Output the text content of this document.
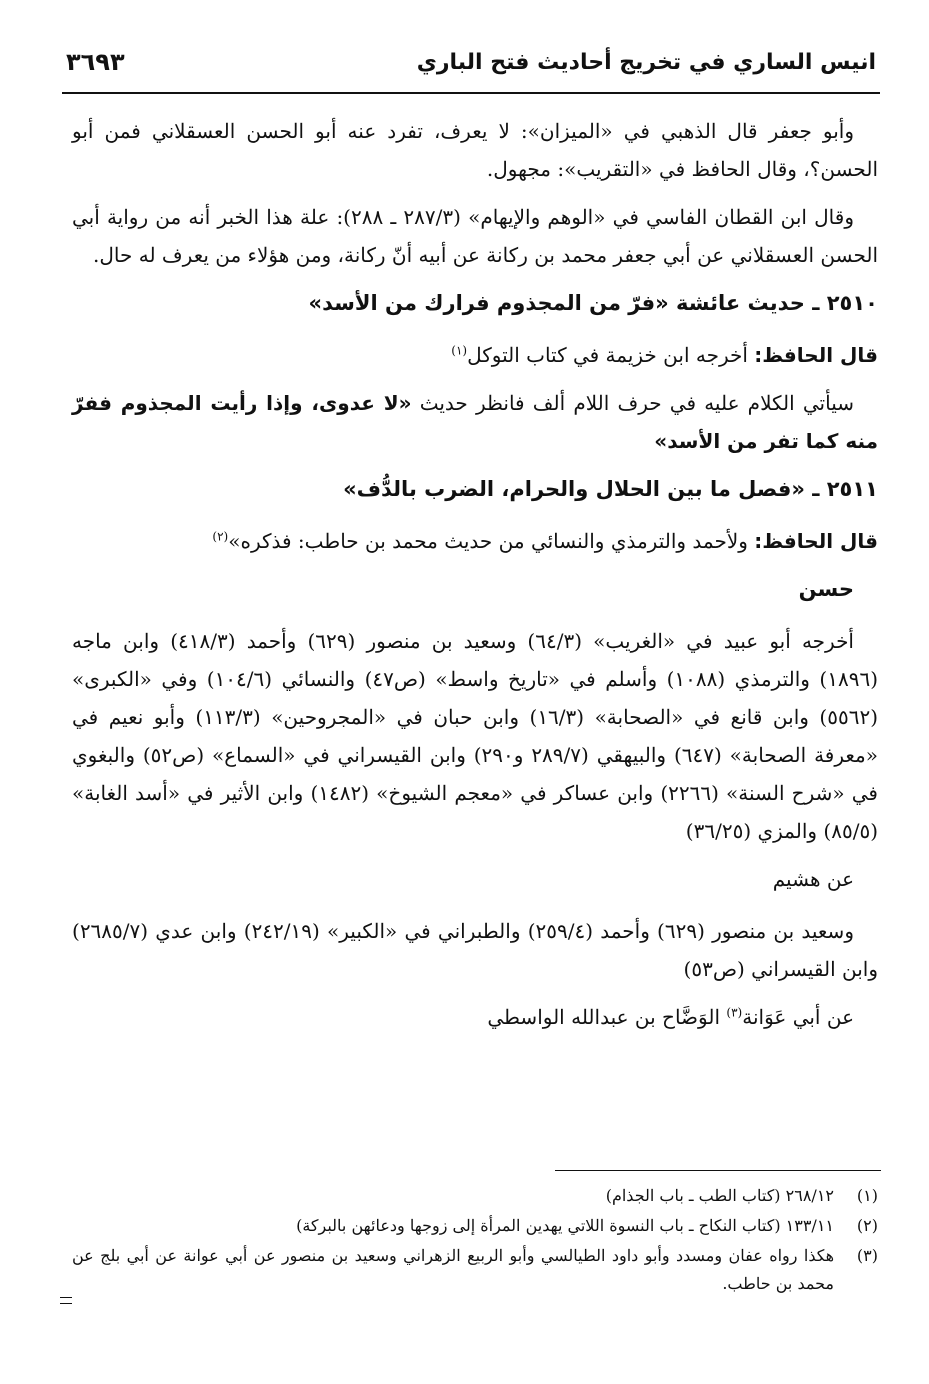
انيس الساري في تخريج أحاديث فتح الباري
٣٦٩٣

وأبو جعفر قال الذهبي في «الميزان»: لا يعرف، تفرد عنه أبو الحسن العسقلاني فمن أبو الحسن؟، وقال الحافظ في «التقريب»: مجهول.

وقال ابن القطان الفاسي في «الوهم والإيهام» (٢٨٧/٣ ـ ٢٨٨): علة هذا الخبر أنه من رواية أبي الحسن العسقلاني عن أبي جعفر محمد بن ركانة عن أبيه أنّ ركانة، ومن هؤلاء من يعرف له حال.

٢٥١٠ ـ حديث عائشة «فرّ من المجذوم فرارك من الأسد»

قال الحافظ: أخرجه ابن خزيمة في كتاب التوكل$^{(١)}$

سيأتي الكلام عليه في حرف اللام ألف فانظر حديث «لا عدوى، وإذا رأيت المجذوم ففرّ منه كما تفر من الأسد»

٢٥١١ ـ «فصل ما بين الحلال والحرام، الضرب بالدُّف»

قال الحافظ: ولأحمد والترمذي والنسائي من حديث محمد بن حاطب: فذكره»$^{(٢)}$

حسن

أخرجه أبو عبيد في «الغريب» (٦٤/٣) وسعيد بن منصور (٦٢٩) وأحمد (٤١٨/٣) وابن ماجه (١٨٩٦) والترمذي (١٠٨٨) وأسلم في «تاريخ واسط» (ص٤٧) والنسائي (١٠٤/٦) وفي «الكبرى» (٥٥٦٢) وابن قانع في «الصحابة» (١٦/٣) وابن حبان في «المجروحين» (١١٣/٣) وأبو نعيم في «معرفة الصحابة» (٦٤٧) والبيهقي (٢٨٩/٧ و٢٩٠) وابن القيسراني في «السماع» (ص٥٢) والبغوي في «شرح السنة» (٢٢٦٦) وابن عساكر في «معجم الشيوخ» (١٤٨٢) وابن الأثير في «أسد الغابة» (٨٥/٥) والمزي (٣٦/٢٥)

عن هشيم

وسعيد بن منصور (٦٢٩) وأحمد (٢٥٩/٤) والطبراني في «الكبير» (٢٤٢/١٩) وابن عدي (٢٦٨٥/٧) وابن القيسراني (ص٥٣)

عن أبي عَوَانة$^{(٣)}$ الوَضَّاح بن عبدالله الواسطي

(١)
٢٦٨/١٢ (كتاب الطب ـ باب الجذام)
(٢)
١٣٣/١١ (كتاب النكاح ـ باب النسوة اللاتي يهدين المرأة إلى زوجها ودعائهن بالبركة)
(٣)
هكذا رواه عفان ومسدد وأبو داود الطيالسي وأبو الربيع الزهراني وسعيد بن منصور عن أبي عوانة عن أبي بلج عن محمد بن حاطب.
